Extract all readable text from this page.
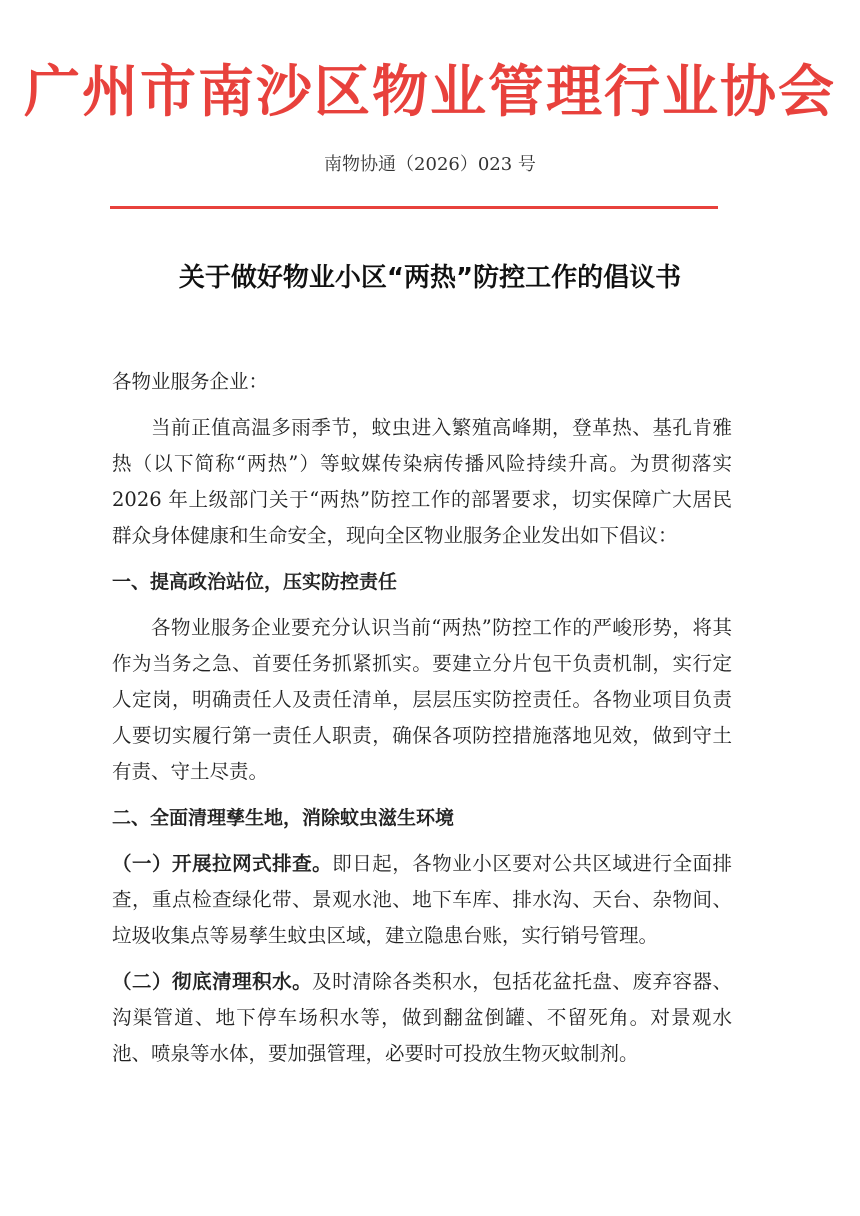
广州市南沙区物业管理行业协会
南物协通（2026）023 号
关于做好物业小区“两热”防控工作的倡议书

各物业服务企业：

当前正值高温多雨季节，蚊虫进入繁殖高峰期，登革热、基孔肯雅热（以下简称“两热”）等蚊媒传染病传播风险持续升高。为贯彻落实 2026 年上级部门关于“两热”防控工作的部署要求，切实保障广大居民群众身体健康和生命安全，现向全区物业服务企业发出如下倡议：

一、提高政治站位，压实防控责任

各物业服务企业要充分认识当前“两热”防控工作的严峻形势，将其作为当务之急、首要任务抓紧抓实。要建立分片包干负责机制，实行定人定岗，明确责任人及责任清单，层层压实防控责任。各物业项目负责人要切实履行第一责任人职责，确保各项防控措施落地见效，做到守土有责、守土尽责。

二、全面清理孳生地，消除蚊虫滋生环境

（一）开展拉网式排查。即日起，各物业小区要对公共区域进行全面排查，重点检查绿化带、景观水池、地下车库、排水沟、天台、杂物间、垃圾收集点等易孳生蚊虫区域，建立隐患台账，实行销号管理。

（二）彻底清理积水。及时清除各类积水，包括花盆托盘、废弃容器、沟渠管道、地下停车场积水等，做到翻盆倒罐、不留死角。对景观水池、喷泉等水体，要加强管理，必要时可投放生物灭蚊制剂。
